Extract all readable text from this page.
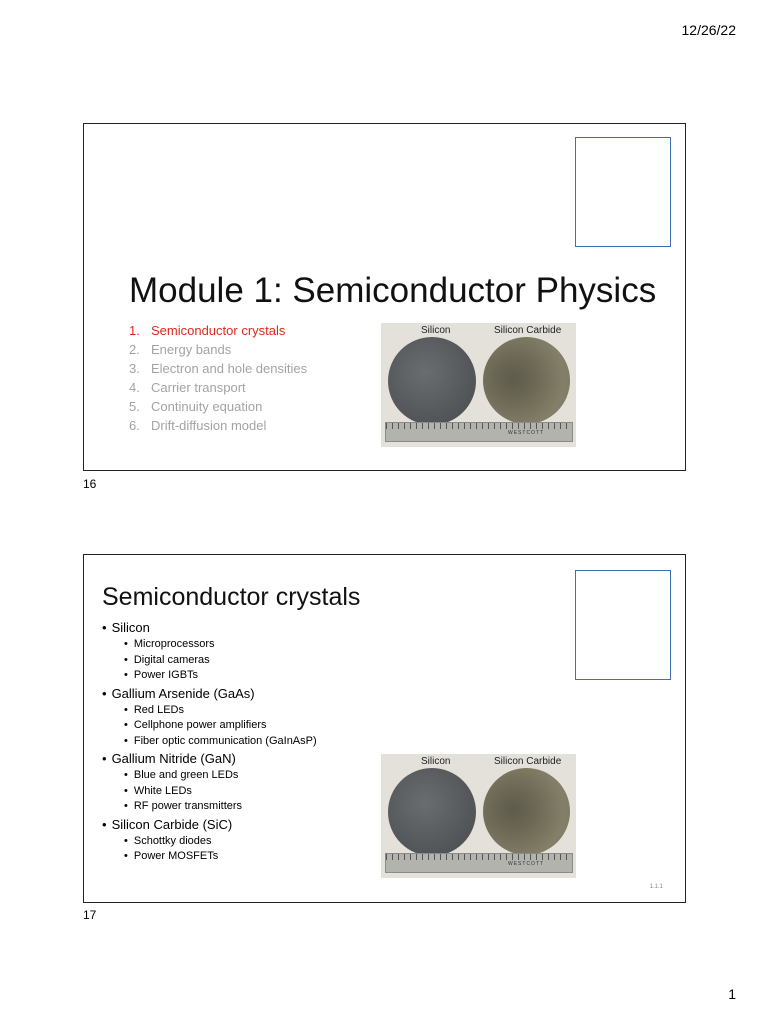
12/26/22
Module 1: Semiconductor Physics
1. Semiconductor crystals
2. Energy bands
3. Electron and hole densities
4. Carrier transport
5. Continuity equation
6. Drift-diffusion model
Silicon	Silicon Carbide
WESTCOTT
16
Semiconductor crystals
• Silicon
• Microprocessors
• Digital cameras
• Power IGBTs
• Gallium Arsenide (GaAs)
• Red LEDs
• Cellphone power amplifiers
• Fiber optic communication (GaInAsP)
• Gallium Nitride (GaN)
• Blue and green LEDs
• White LEDs
• RF power transmitters
• Silicon Carbide (SiC)
• Schottky diodes
• Power MOSFETs
Silicon	Silicon Carbide
WESTCOTT
1.1.1
17
1
